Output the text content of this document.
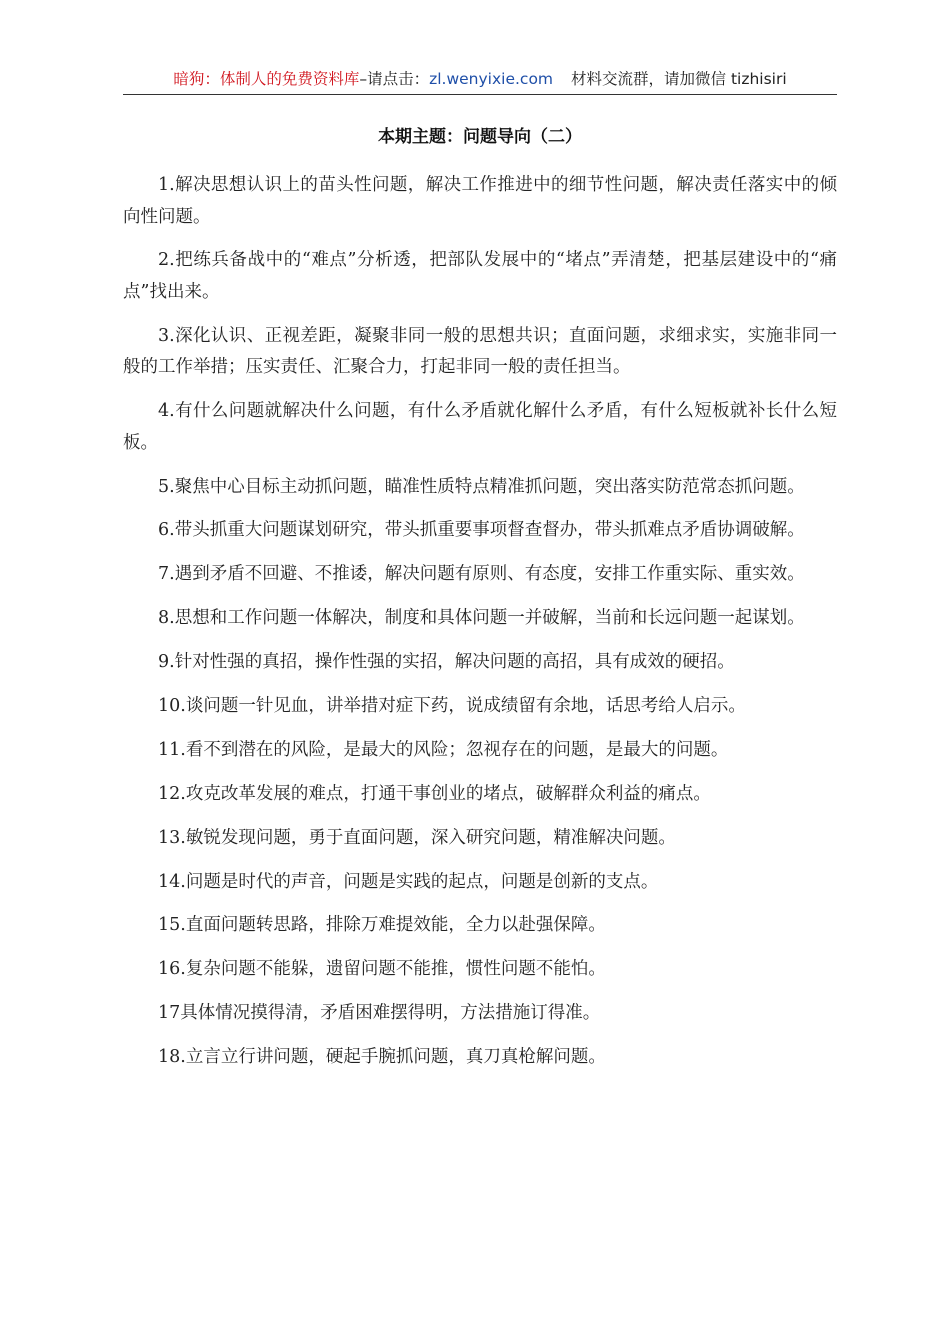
暗狗：体制人的免费资料库–请点击：zl.wenyixie.com 材料交流群，请加微信 tizhisiri
本期主题：问题导向（二）

1.解决思想认识上的苗头性问题，解决工作推进中的细节性问题，解决责任落实中的倾向性问题。

2.把练兵备战中的“难点”分析透，把部队发展中的“堵点”弄清楚，把基层建设中的“痛点”找出来。

3.深化认识、正视差距，凝聚非同一般的思想共识；直面问题，求细求实，实施非同一般的工作举措；压实责任、汇聚合力，打起非同一般的责任担当。

4.有什么问题就解决什么问题，有什么矛盾就化解什么矛盾，有什么短板就补长什么短板。

5.聚焦中心目标主动抓问题，瞄准性质特点精准抓问题，突出落实防范常态抓问题。

6.带头抓重大问题谋划研究，带头抓重要事项督查督办，带头抓难点矛盾协调破解。

7.遇到矛盾不回避、不推诿，解决问题有原则、有态度，安排工作重实际、重实效。

8.思想和工作问题一体解决，制度和具体问题一并破解，当前和长远问题一起谋划。

9.针对性强的真招，操作性强的实招，解决问题的高招，具有成效的硬招。

10.谈问题一针见血，讲举措对症下药，说成绩留有余地，话思考给人启示。

11.看不到潜在的风险，是最大的风险；忽视存在的问题，是最大的问题。

12.攻克改革发展的难点，打通干事创业的堵点，破解群众利益的痛点。

13.敏锐发现问题，勇于直面问题，深入研究问题，精准解决问题。

14.问题是时代的声音，问题是实践的起点，问题是创新的支点。

15.直面问题转思路，排除万难提效能，全力以赴强保障。

16.复杂问题不能躲，遗留问题不能推，惯性问题不能怕。

17具体情况摸得清，矛盾困难摆得明，方法措施订得准。

18.立言立行讲问题，硬起手腕抓问题，真刀真枪解问题。
